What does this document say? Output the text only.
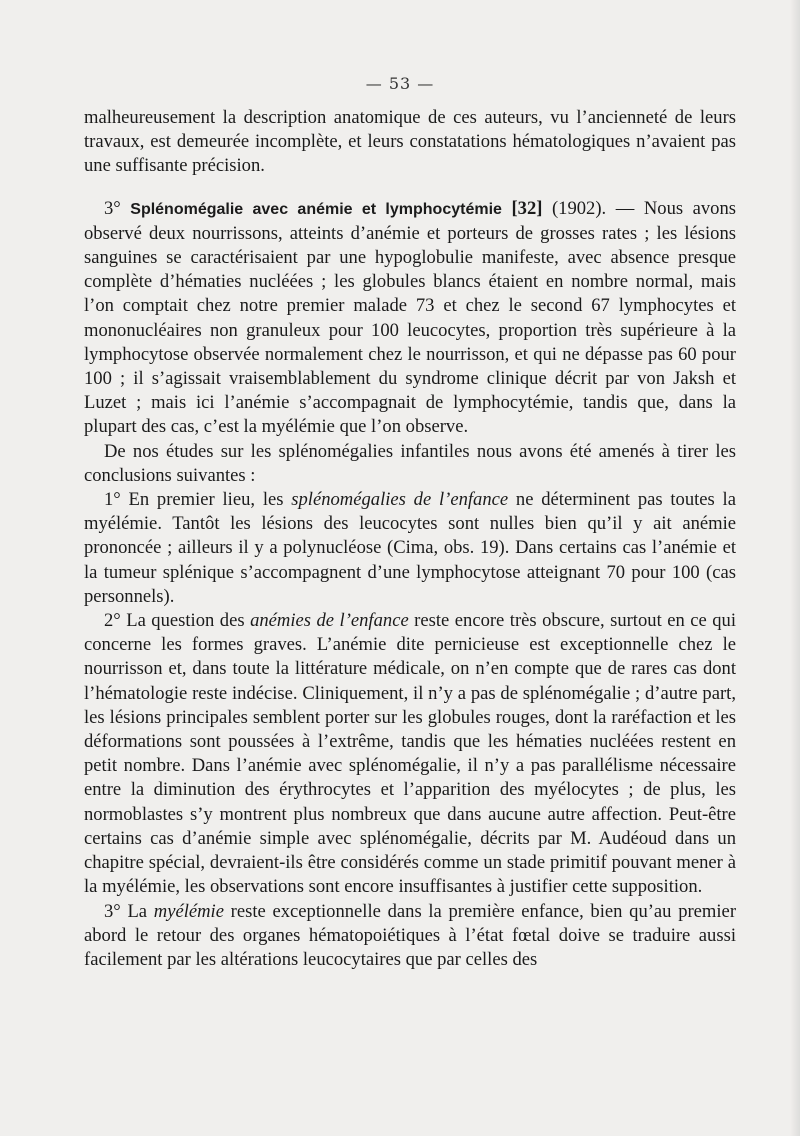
— 53 —

malheureusement la description anatomique de ces auteurs, vu l’ancienneté de leurs travaux, est demeurée incomplète, et leurs constatations hématologiques n’avaient pas une suffisante précision.

3° Splénomégalie avec anémie et lymphocytémie [32] (1902). — Nous avons observé deux nourrissons, atteints d’anémie et porteurs de grosses rates ; les lésions sanguines se caractérisaient par une hypoglobulie manifeste, avec absence presque complète d’hématies nucléées ; les globules blancs étaient en nombre normal, mais l’on comptait chez notre premier malade 73 et chez le second 67 lymphocytes et mononucléaires non granuleux pour 100 leucocytes, proportion très supérieure à la lymphocytose observée normalement chez le nourrisson, et qui ne dépasse pas 60 pour 100 ; il s’agissait vraisemblablement du syndrome clinique décrit par von Jaksh et Luzet ; mais ici l’anémie s’accompagnait de lymphocytémie, tandis que, dans la plupart des cas, c’est la myélémie que l’on observe.

De nos études sur les splénomégalies infantiles nous avons été amenés à tirer les conclusions suivantes :

1° En premier lieu, les splénomégalies de l’enfance ne déterminent pas toutes la myélémie. Tantôt les lésions des leucocytes sont nulles bien qu’il y ait anémie prononcée ; ailleurs il y a polynucléose (Cima, obs. 19). Dans certains cas l’anémie et la tumeur splénique s’accompagnent d’une lymphocytose atteignant 70 pour 100 (cas personnels).

2° La question des anémies de l’enfance reste encore très obscure, surtout en ce qui concerne les formes graves. L’anémie dite pernicieuse est exceptionnelle chez le nourrisson et, dans toute la littérature médicale, on n’en compte que de rares cas dont l’hématologie reste indécise. Cliniquement, il n’y a pas de splénomégalie ; d’autre part, les lésions principales semblent porter sur les globules rouges, dont la raréfaction et les déformations sont poussées à l’extrême, tandis que les hématies nucléées restent en petit nombre. Dans l’anémie avec splénomégalie, il n’y a pas parallélisme nécessaire entre la diminution des érythrocytes et l’apparition des myélocytes ; de plus, les normoblastes s’y montrent plus nombreux que dans aucune autre affection. Peut-être certains cas d’anémie simple avec splénomégalie, décrits par M. Audéoud dans un chapitre spécial, devraient-ils être considérés comme un stade primitif pouvant mener à la myélémie, les observations sont encore insuffisantes à justifier cette supposition.

3° La myélémie reste exceptionnelle dans la première enfance, bien qu’au premier abord le retour des organes hématopoiétiques à l’état fœtal doive se traduire aussi facilement par les altérations leucocytaires que par celles des
